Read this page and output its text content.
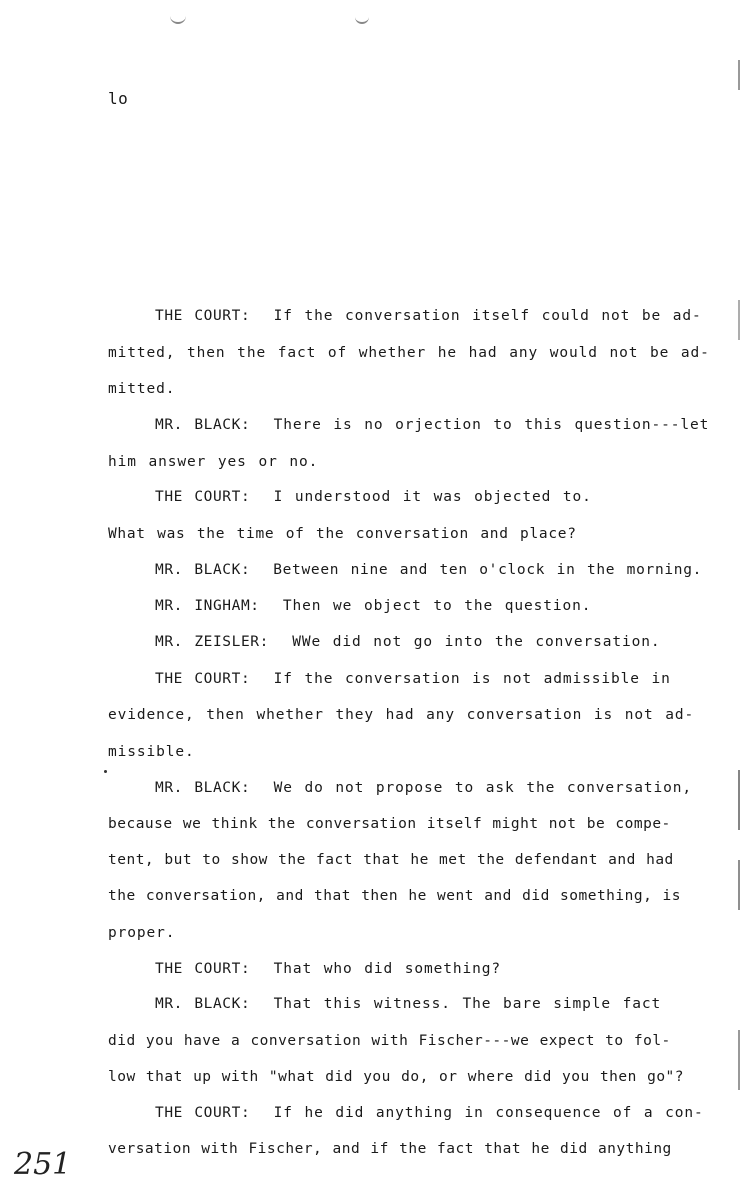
lo
THE COURT: If the conversation itself could not be ad-
mitted, then the fact of whether he had any would not be ad-
mitted.
MR. BLACK: There is no orjection to this question---let
him answer yes or no.
THE COURT: I understood it was objected to.
What was the time of the conversation and place?
MR. BLACK: Between nine and ten o'clock in the morning.
MR. INGHAM: Then we object to the question.
MR. ZEISLER: WWe did not go into the conversation.
THE COURT: If the conversation is not admissible in
evidence, then whether they had any conversation is not ad-
missible.
MR. BLACK: We do not propose to ask the conversation,
because we think the conversation itself might not be compe-
tent, but to show the fact that he met the defendant and had
the conversation, and that then he went and did something, is
proper.
THE COURT: That who did something?
MR. BLACK: That this witness. The bare simple fact
did you have a conversation with Fischer---we expect to fol-
low that up with "what did you do, or where did you then go"?
THE COURT: If he did anything in consequence of a con-
versation with Fischer, and if the fact that he did anything
251
